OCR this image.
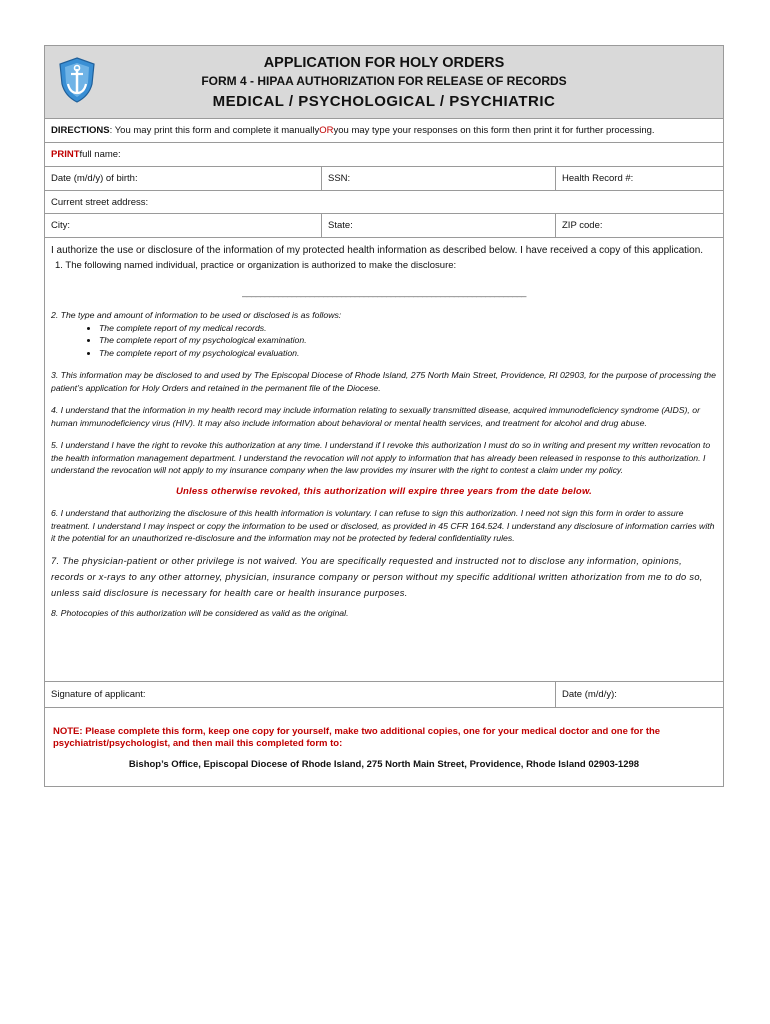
APPLICATION FOR HOLY ORDERS
FORM 4 - HIPAA AUTHORIZATION FOR RELEASE OF RECORDS
MEDICAL / PSYCHOLOGICAL / PSYCHIATRIC
DIRECTIONS : You may print this form and complete it manually OR you may type your responses on this form then print it for further processing.
PRINT full name:
Date (m/d/y) of birth:	SSN:	Health Record #:
Current street address:
City:	State:	ZIP code:

I authorize the use or disclosure of the information of my protected health information as described below. I have received a copy of this application.

1. The following named individual, practice or organization is authorized to make the disclosure:

_______________________________________________________________

2. The type and amount of information to be used or disclosed is as follows:

• The complete report of my medical records.
• The complete report of my psychological examination.
• The complete report of my psychological evaluation.

3. This information may be disclosed to and used by The Episcopal Diocese of Rhode Island, 275 North Main Street, Providence, RI 02903, for the purpose of processing the patient’s application for Holy Orders and retained in the permanent file of the Diocese.

4. I understand that the information in my health record may include information relating to sexually transmitted disease, acquired immunodeficiency syndrome (AIDS), or human immunodeficiency virus (HIV). It may also include information about behavioral or mental health services, and treatment for alcohol and drug abuse.

5. I understand I have the right to revoke this authorization at any time. I understand if I revoke this authorization I must do so in writing and present my written revocation to the health information management department. I understand the revocation will not apply to information that has already been released in response to this authorization. I understand the revocation will not apply to my insurance company when the law provides my insurer with the right to contest a claim under my policy.

Unless otherwise revoked, this authorization will expire three years from the date below.

6. I understand that authorizing the disclosure of this health information is voluntary. I can refuse to sign this authorization. I need not sign this form in order to assure treatment. I understand I may inspect or copy the information to be used or disclosed, as provided in 45 CFR 164.524. I understand any disclosure of information carries with it the potential for an unauthorized re-disclosure and the information may not be protected by federal confidentiality rules.

7. The physician-patient or other privilege is not waived. You are specifically requested and instructed not to disclose any information, opinions, records or x-rays to any other attorney, physician, insurance company or person without my specific additional written athorization from me to do so, unless said disclosure is necessary for health care or health insurance purposes.

8. Photocopies of this authorization will be considered as valid as the original.

Signature of applicant:	Date (m/d/y):

NOTE: Please complete this form, keep one copy for yourself, make two additional copies, one for your medical doctor and one for the psychiatrist/psychologist, and then mail this completed form to:

Bishop’s Office, Episcopal Diocese of Rhode Island, 275 North Main Street, Providence, Rhode Island 02903-1298
